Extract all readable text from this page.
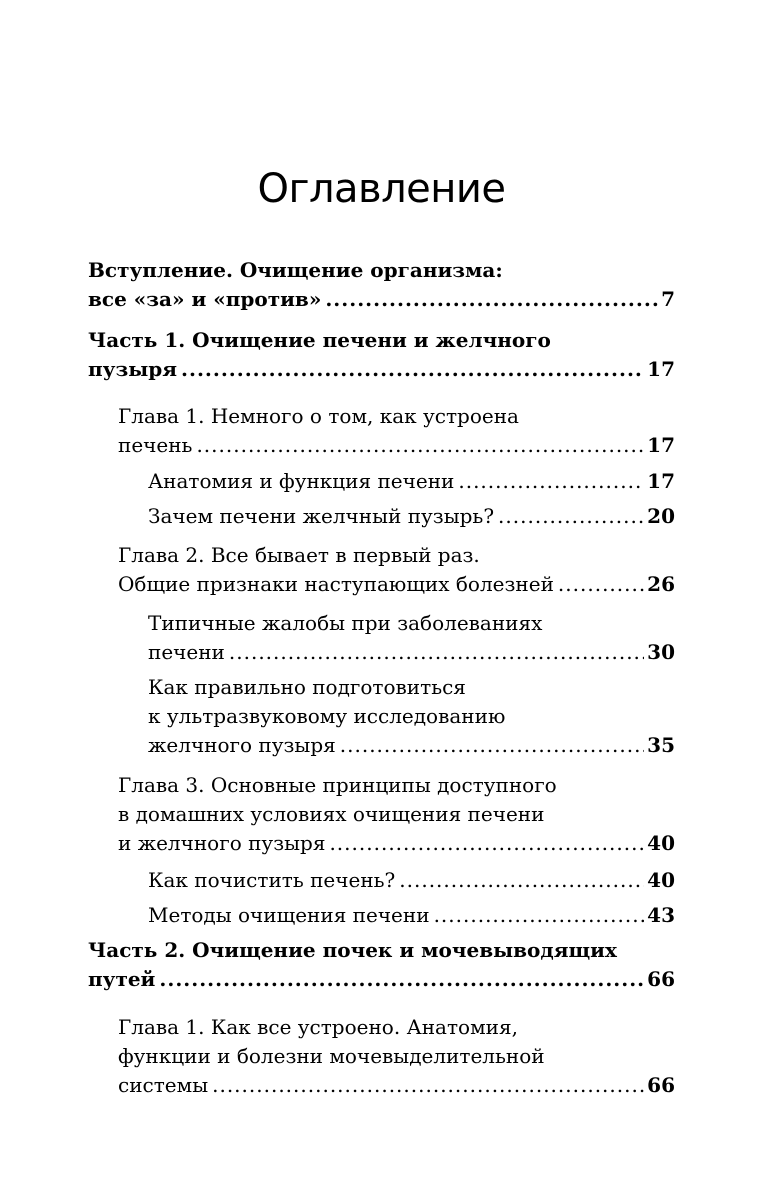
Оглавление
Вступление. Очищение организма:
все «за» и «против» .....	7
Часть 1. Очищение печени и желчного
пузыря .....	17
Глава 1. Немного о том, как устроена
печень .....	17
Анатомия и функция печени .....	17
Зачем печени желчный пузырь? .....	20
Глава 2. Все бывает в первый раз.
Общие признаки наступающих болезней .....	26
Типичные жалобы при заболеваниях
печени .....	30
Как правильно подготовиться
к ультразвуковому исследованию
желчного пузыря .....	35
Глава 3. Основные принципы доступного
в домашних условиях очищения печени
и желчного пузыря .....	40
Как почистить печень? .....	40
Методы очищения печени .....	43
Часть 2. Очищение почек и мочевыводящих
путей .....	66
Глава 1. Как все устроено. Анатомия,
функции и болезни мочевыделительной
системы .....	66
